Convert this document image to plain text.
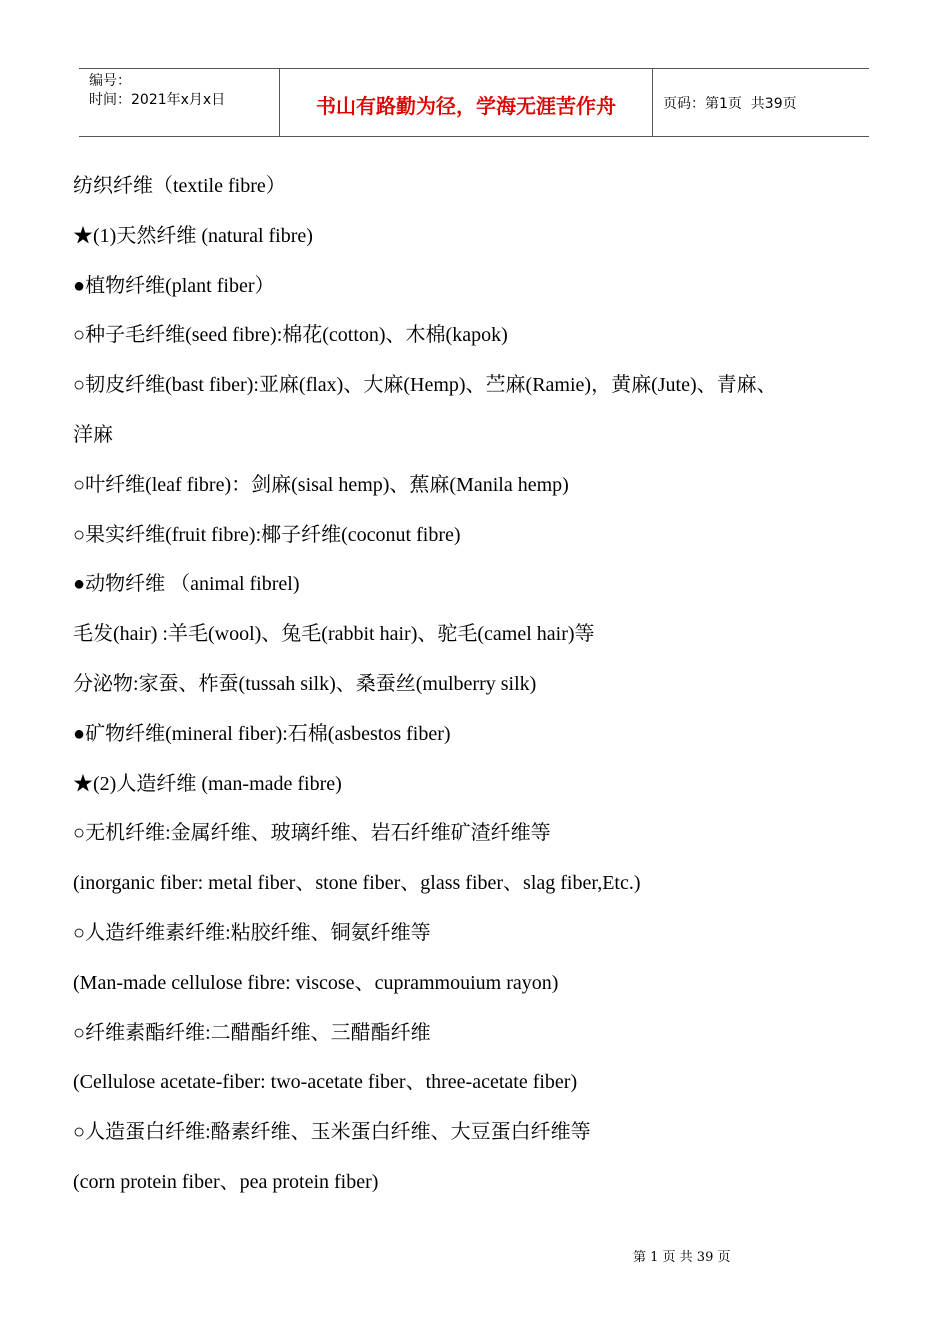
编号：
时间：2021年x月x日	书山有路勤为径，学海无涯苦作舟	页码：第1页  共39页
纺织纤维（textile fibre）
★(1)天然纤维 (natural fibre)
●植物纤维(plant fiber）
○种子毛纤维(seed fibre):棉花(cotton)、木棉(kapok)
○韧皮纤维(bast fiber):亚麻(flax)、大麻(Hemp)、苎麻(Ramie)，黄麻(Jute)、青麻、
洋麻
○叶纤维(leaf fibre)：剑麻(sisal hemp)、蕉麻(Manila hemp)
○果实纤维(fruit fibre):椰子纤维(coconut fibre)
●动物纤维 （animal fibrel)
毛发(hair) :羊毛(wool)、兔毛(rabbit hair)、驼毛(camel hair)等
分泌物:家蚕、柞蚕(tussah silk)、桑蚕丝(mulberry silk)
●矿物纤维(mineral fiber):石棉(asbestos fiber)
★(2)人造纤维 (man-made fibre)
○无机纤维:金属纤维、玻璃纤维、岩石纤维矿渣纤维等
(inorganic fiber: metal fiber、stone fiber、glass fiber、slag fiber,Etc.)
○人造纤维素纤维:粘胶纤维、铜氨纤维等
(Man-made cellulose fibre: viscose、cuprammouium rayon)
○纤维素酯纤维:二醋酯纤维、三醋酯纤维
(Cellulose acetate-fiber: two-acetate fiber、three-acetate fiber)
○人造蛋白纤维:酪素纤维、玉米蛋白纤维、大豆蛋白纤维等
(corn protein fiber、pea protein fiber)
第 1 页 共 39 页
